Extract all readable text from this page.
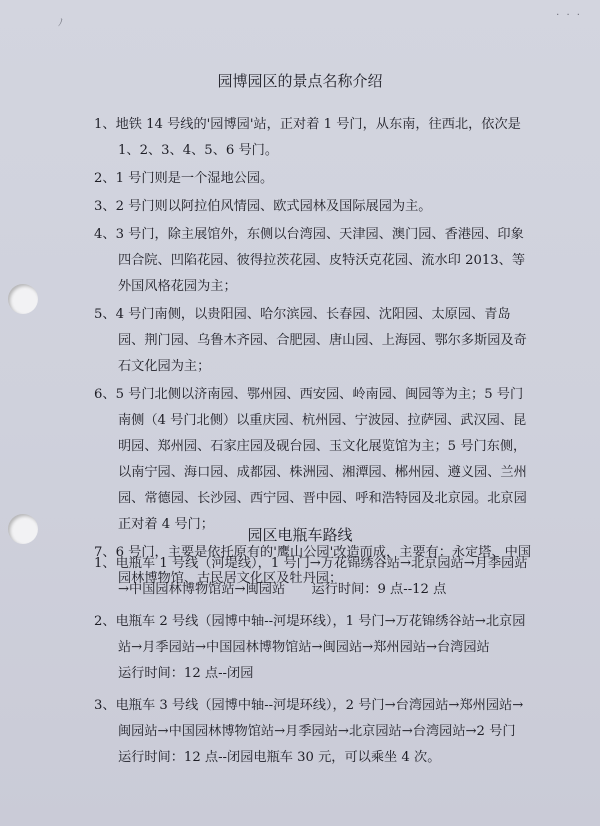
ﾉ
· · ·
园博园区的景点名称介绍
1、地铁 14 号线的'园博园'站，正对着 1 号门，从东南，往西北，依次是 1、2、3、4、5、6 号门。
2、1 号门则是一个湿地公园。
3、2 号门则以阿拉伯风情园、欧式园林及国际展园为主。
4、3 号门，除主展馆外，东侧以台湾园、天津园、澳门园、香港园、印象四合院、凹陷花园、彼得拉茨花园、皮特沃克花园、流水印 2013、等外国风格花园为主；
5、4 号门南侧，以贵阳园、哈尔滨园、长春园、沈阳园、太原园、青岛园、荆门园、乌鲁木齐园、合肥园、唐山园、上海园、鄂尔多斯园及奇石文化园为主；
6、5 号门北侧以济南园、鄂州园、西安园、岭南园、闽园等为主；5 号门南侧（4 号门北侧）以重庆园、杭州园、宁波园、拉萨园、武汉园、昆明园、郑州园、石家庄园及砚台园、玉文化展览馆为主；5 号门东侧，以南宁园、海口园、成都园、株洲园、湘潭园、郴州园、遵义园、兰州园、常德园、长沙园、西宁园、晋中园、呼和浩特园及北京园。北京园正对着 4 号门；
7、6 号门，主要是依托原有的'鹰山公园'改造而成，主要有：永定塔、中国园林博物馆、古民居文化区及牡丹园；
园区电瓶车路线
1、电瓶车 1 号线（河堤线），1 号门→万花锦绣谷站→北京园站→月季园站→中国园林博物馆站→闽园站　　运行时间：9 点--12 点
2、电瓶车 2 号线（园博中轴--河堤环线），1 号门→万花锦绣谷站→北京园站→月季园站→中国园林博物馆站→闽园站→郑州园站→台湾园站
运行时间：12 点--闭园
3、电瓶车 3 号线（园博中轴--河堤环线），2 号门→台湾园站→郑州园站→闽园站→中国园林博物馆站→月季园站→北京园站→台湾园站→2 号门
运行时间：12 点--闭园电瓶车 30 元，可以乘坐 4 次。
